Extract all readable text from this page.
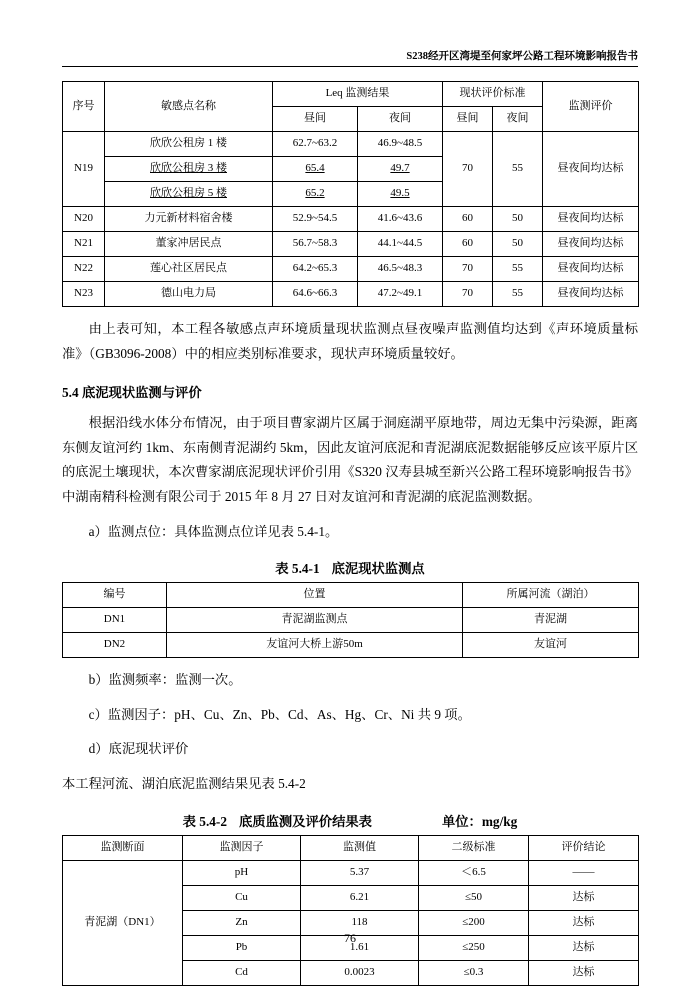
S238经开区湾堤至何家坪公路工程环境影响报告书
序号	敏感点名称	Leq 监测结果		现状评价标准		监测评价
		昼间	夜间	昼间	夜间	
N19	欣欣公租房 1 楼	62.7~63.2	46.9~48.5	70	55	昼夜间均达标
	欣欣公租房 3 楼	65.4	49.7			
	欣欣公租房 5 楼	65.2	49.5			
N20	力元新材料宿舍楼	52.9~54.5	41.6~43.6	60	50	昼夜间均达标
N21	董家冲居民点	56.7~58.3	44.1~44.5	60	50	昼夜间均达标
N22	莲心社区居民点	64.2~65.3	46.5~48.3	70	55	昼夜间均达标
N23	德山电力局	64.6~66.3	47.2~49.1	70	55	昼夜间均达标

由上表可知，本工程各敏感点声环境质量现状监测点昼夜噪声监测值均达到《声环境质量标准》（GB3096-2008）中的相应类别标准要求，现状声环境质量较好。

5.4 底泥现状监测与评价

根据沿线水体分布情况，由于项目曹家湖片区属于洞庭湖平原地带，周边无集中污染源，距离东侧友谊河约 1km、东南侧青泥湖约 5km，因此友谊河底泥和青泥湖底泥数据能够反应该平原片区的底泥土壤现状，本次曹家湖底泥现状评价引用《S320 汉寿县城至新兴公路工程环境影响报告书》中湖南精科检测有限公司于 2015 年 8 月 27 日对友谊河和青泥湖的底泥监测数据。

a）监测点位：具体监测点位详见表 5.4-1。

表 5.4-1 底泥现状监测点
编号	位置	所属河流（湖泊）
DN1	青泥湖监测点	青泥湖
DN2	友谊河大桥上游50m	友谊河

b）监测频率：监测一次。

c）监测因子：pH、Cu、Zn、Pb、Cd、As、Hg、Cr、Ni 共 9 项。

d）底泥现状评价

本工程河流、湖泊底泥监测结果见表 5.4-2

表 5.4-2 底质监测及评价结果表	单位：mg/kg
监测断面	监测因子	监测值	二级标准	评价结论
青泥湖（DN1）	pH	5.37	＜6.5	——
	Cu	6.21	≤50	达标
	Zn	118	≤200	达标
	Pb	1.61	≤250	达标
	Cd	0.0023	≤0.3	达标
76
